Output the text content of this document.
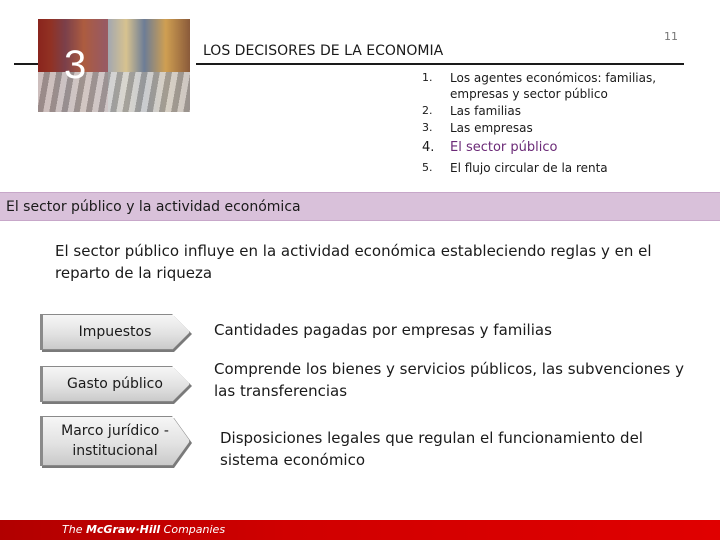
11
3	LOS DECISORES DE LA ECONOMIA
1. Los agentes económicos: familias, empresas y sector público
2. Las familias
3. Las empresas
4. El sector público
5. El flujo circular de la renta
El sector público y la actividad económica
El sector público influye en la actividad económica estableciendo reglas y en el reparto de la riqueza
Impuestos	Cantidades pagadas por empresas y familias
Gasto público
Comprende los bienes y servicios públicos, las subvenciones y las transferencias
Marco jurídico - institucional
Disposiciones legales que regulan el funcionamiento del sistema económico
The McGraw·Hill Companies
